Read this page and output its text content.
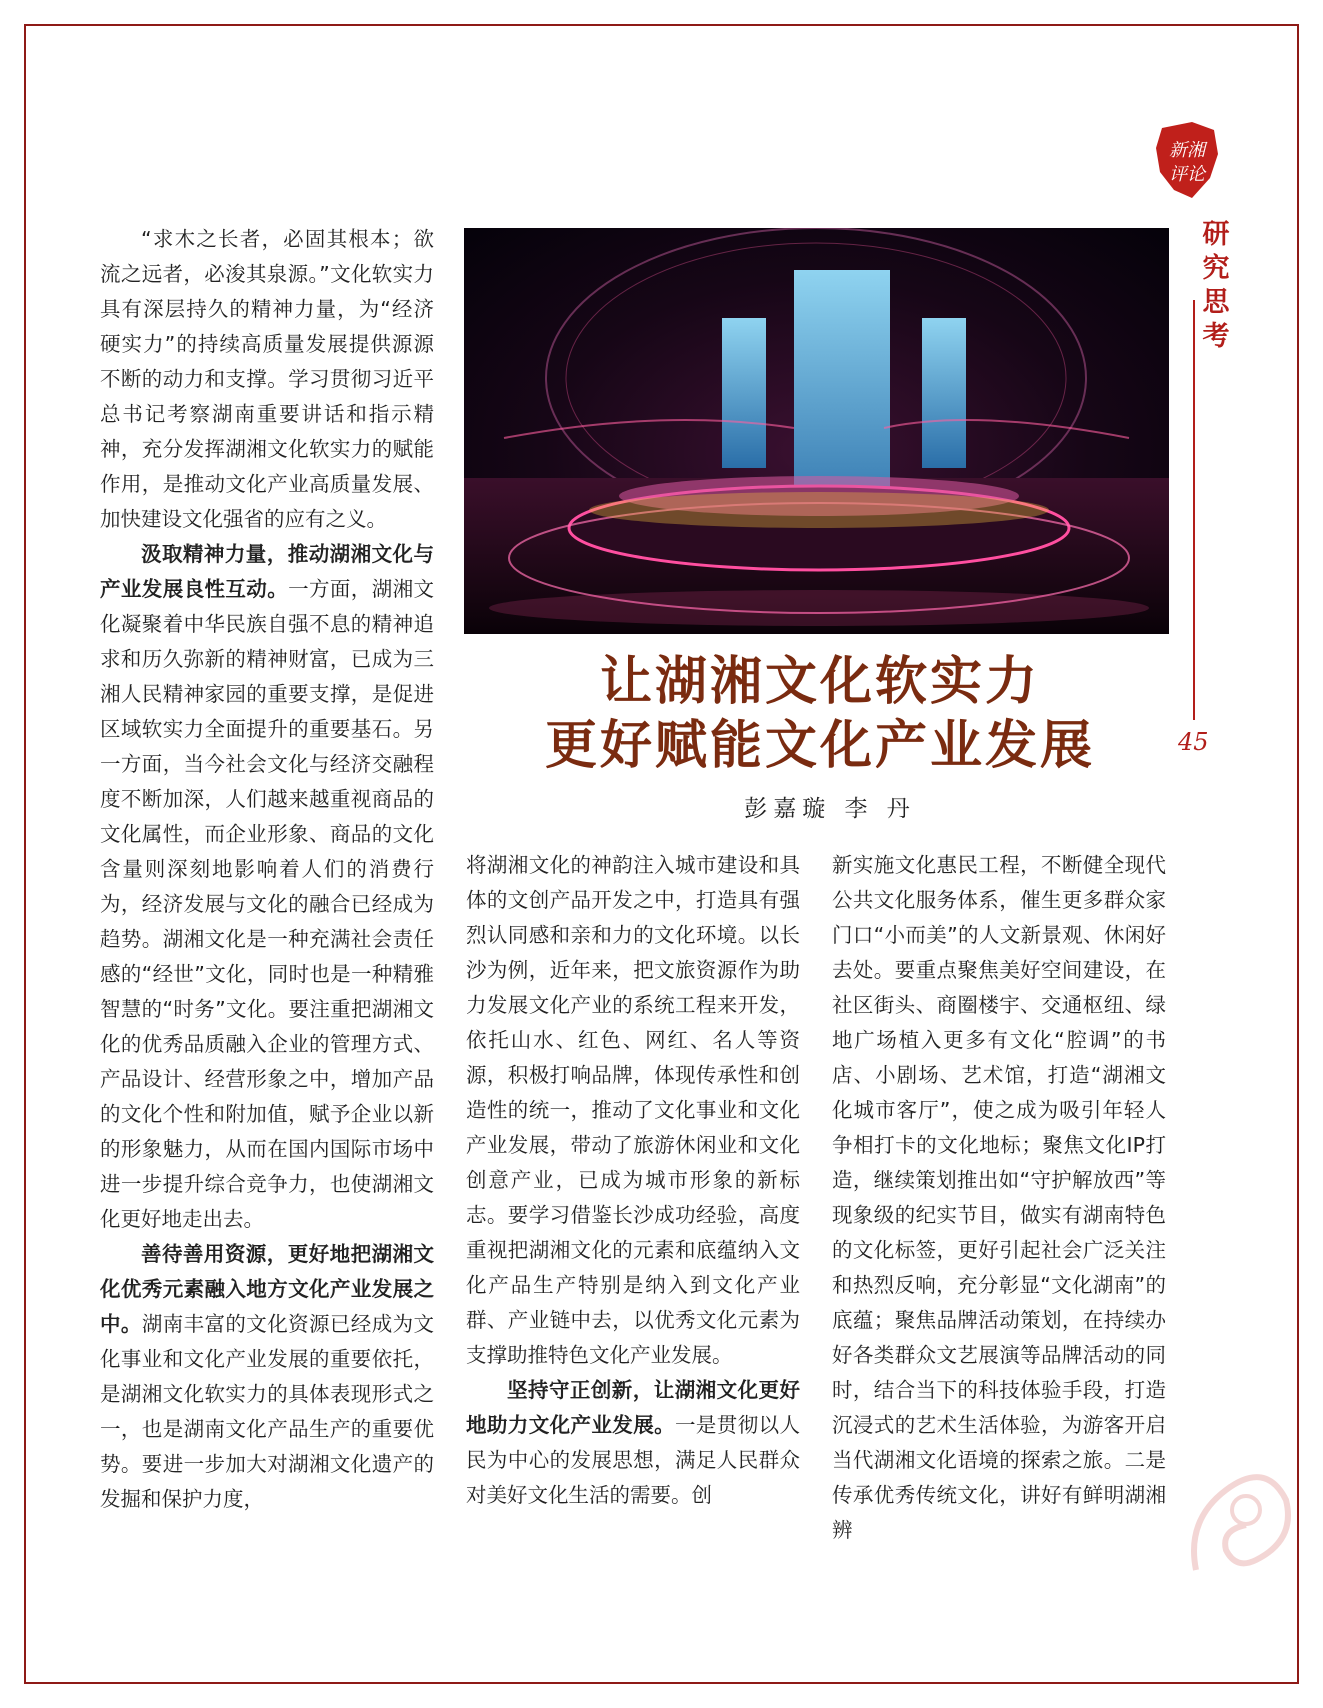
新湘
评论
研究思考
45
让湖湘文化软实力
更好赋能文化产业发展
彭嘉璇 李 丹

“求木之长者，必固其根本；欲流之远者，必浚其泉源。”文化软实力具有深层持久的精神力量，为“经济硬实力”的持续高质量发展提供源源不断的动力和支撑。学习贯彻习近平总书记考察湖南重要讲话和指示精神，充分发挥湖湘文化软实力的赋能作用，是推动文化产业高质量发展、加快建设文化强省的应有之义。

汲取精神力量，推动湖湘文化与产业发展良性互动。一方面，湖湘文化凝聚着中华民族自强不息的精神追求和历久弥新的精神财富，已成为三湘人民精神家园的重要支撑，是促进区域软实力全面提升的重要基石。另一方面，当今社会文化与经济交融程度不断加深，人们越来越重视商品的文化属性，而企业形象、商品的文化含量则深刻地影响着人们的消费行为，经济发展与文化的融合已经成为趋势。湖湘文化是一种充满社会责任感的“经世”文化，同时也是一种精雅智慧的“时务”文化。要注重把湖湘文化的优秀品质融入企业的管理方式、产品设计、经营形象之中，增加产品的文化个性和附加值，赋予企业以新的形象魅力，从而在国内国际市场中进一步提升综合竞争力，也使湖湘文化更好地走出去。

善待善用资源，更好地把湖湘文化优秀元素融入地方文化产业发展之中。湖南丰富的文化资源已经成为文化事业和文化产业发展的重要依托，是湖湘文化软实力的具体表现形式之一，也是湖南文化产品生产的重要优势。要进一步加大对湖湘文化遗产的发掘和保护力度，

将湖湘文化的神韵注入城市建设和具体的文创产品开发之中，打造具有强烈认同感和亲和力的文化环境。以长沙为例，近年来，把文旅资源作为助力发展文化产业的系统工程来开发，依托山水、红色、网红、名人等资源，积极打响品牌，体现传承性和创造性的统一，推动了文化事业和文化产业发展，带动了旅游休闲业和文化创意产业，已成为城市形象的新标志。要学习借鉴长沙成功经验，高度重视把湖湘文化的元素和底蕴纳入文化产品生产特别是纳入到文化产业群、产业链中去，以优秀文化元素为支撑助推特色文化产业发展。

坚持守正创新，让湖湘文化更好地助力文化产业发展。一是贯彻以人民为中心的发展思想，满足人民群众对美好文化生活的需要。创

新实施文化惠民工程，不断健全现代公共文化服务体系，催生更多群众家门口“小而美”的人文新景观、休闲好去处。要重点聚焦美好空间建设，在社区街头、商圈楼宇、交通枢纽、绿地广场植入更多有文化“腔调”的书店、小剧场、艺术馆，打造“湖湘文化城市客厅”，使之成为吸引年轻人争相打卡的文化地标；聚焦文化IP打造，继续策划推出如“守护解放西”等现象级的纪实节目，做实有湖南特色的文化标签，更好引起社会广泛关注和热烈反响，充分彰显“文化湖南”的底蕴；聚焦品牌活动策划，在持续办好各类群众文艺展演等品牌活动的同时，结合当下的科技体验手段，打造沉浸式的艺术生活体验，为游客开启当代湖湘文化语境的探索之旅。二是传承优秀传统文化，讲好有鲜明湖湘辨
